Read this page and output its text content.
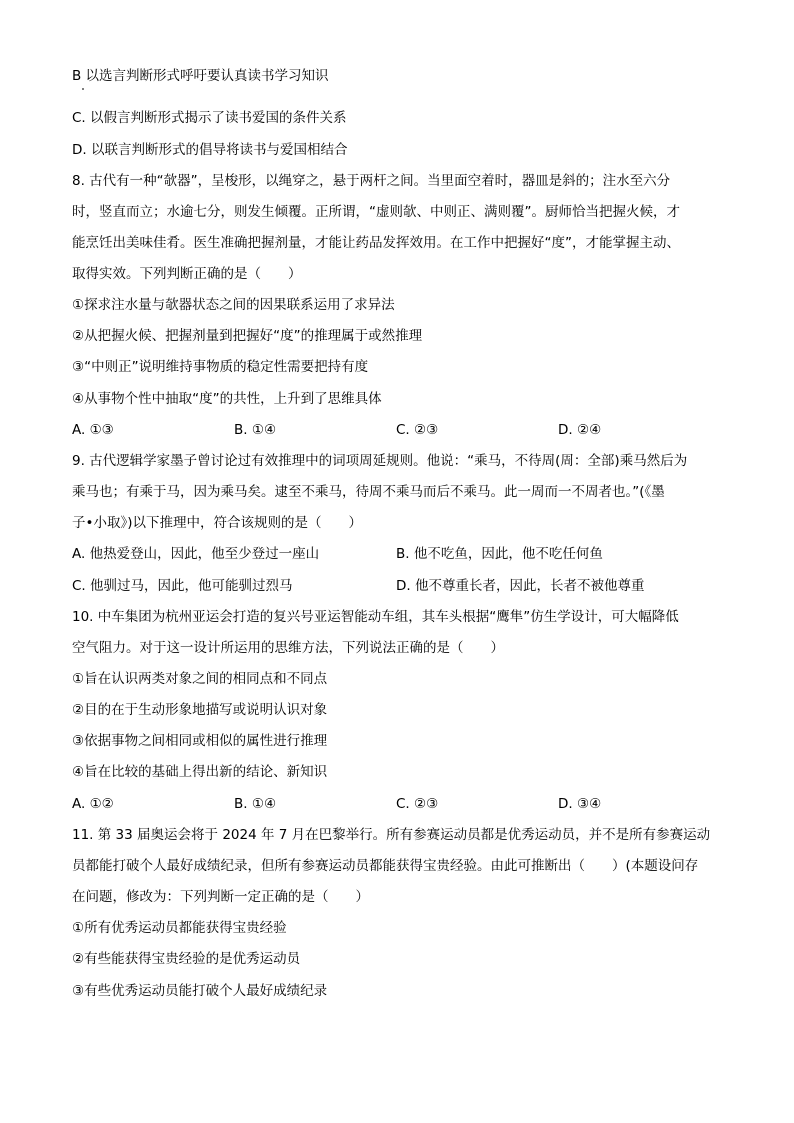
B 以选言判断形式呼吁要认真读书学习知识
C. 以假言判断形式揭示了读书爱国的条件关系
D. 以联言判断形式的倡导将读书与爱国相结合
8. 古代有一种“欹器”，呈梭形，以绳穿之，悬于两杆之间。当里面空着时，器皿是斜的；注水至六分
时，竖直而立；水逾七分，则发生倾覆。正所谓，“虚则欹、中则正、满则覆”。厨师恰当把握火候，才
能烹饪出美味佳肴。医生准确把握剂量，才能让药品发挥效用。在工作中把握好“度”，才能掌握主动、
取得实效。下列判断正确的是（　　）
①探求注水量与欹器状态之间的因果联系运用了求异法
②从把握火候、把握剂量到把握好“度”的推理属于或然推理
③“中则正”说明维持事物质的稳定性需要把持有度
④从事物个性中抽取“度”的共性，上升到了思维具体
A. ①③	B. ①④	C. ②③	D. ②④
9. 古代逻辑学家墨子曾讨论过有效推理中的词项周延规则。他说：“乘马，不待周(周：全部)乘马然后为
乘马也；有乘于马，因为乘马矣。逮至不乘马，待周不乘马而后不乘马。此一周而一不周者也。”(《墨
子•小取》)以下推理中，符合该规则的是（　　）
A. 他热爱登山，因此，他至少登过一座山	B. 他不吃鱼，因此，他不吃任何鱼
C. 他驯过马，因此，他可能驯过烈马	D. 他不尊重长者，因此，长者不被他尊重
10. 中车集团为杭州亚运会打造的复兴号亚运智能动车组，其车头根据“鹰隼”仿生学设计，可大幅降低
空气阻力。对于这一设计所运用的思维方法，下列说法正确的是（　　）
①旨在认识两类对象之间的相同点和不同点
②目的在于生动形象地描写或说明认识对象
③依据事物之间相同或相似的属性进行推理
④旨在比较的基础上得出新的结论、新知识
A. ①②	B. ①④	C. ②③	D. ③④
11. 第 33 届奥运会将于 2024 年 7 月在巴黎举行。所有参赛运动员都是优秀运动员，并不是所有参赛运动
员都能打破个人最好成绩纪录，但所有参赛运动员都能获得宝贵经验。由此可推断出（　　）(本题设问存
在问题，修改为：下列判断一定正确的是（　　）
①所有优秀运动员都能获得宝贵经验
②有些能获得宝贵经验的是优秀运动员
③有些优秀运动员能打破个人最好成绩纪录
